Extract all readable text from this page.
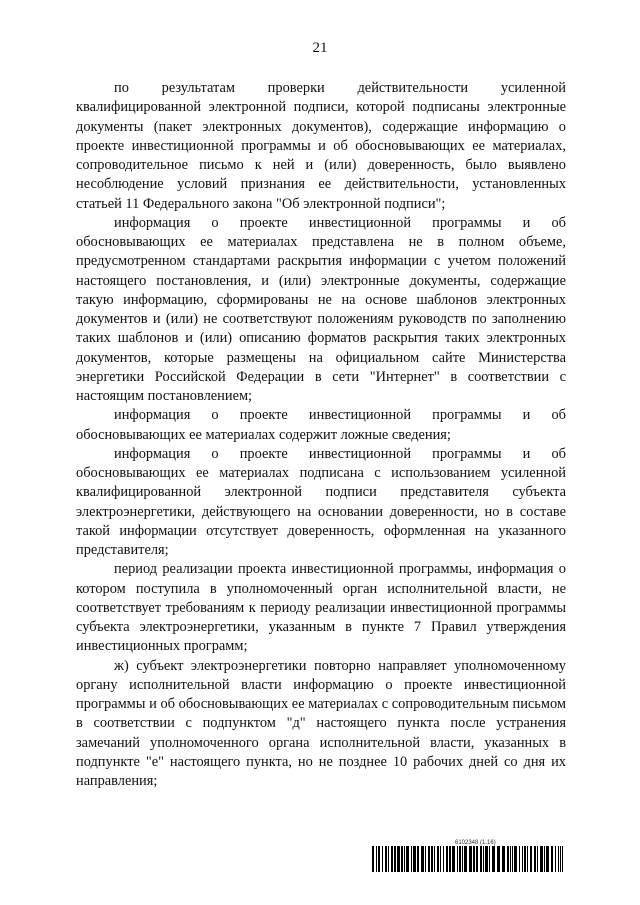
21

по результатам проверки действительности усиленной квалифицированной электронной подписи, которой подписаны электронные документы (пакет электронных документов), содержащие информацию о проекте инвестиционной программы и об обосновывающих ее материалах, сопроводительное письмо к ней и (или) доверенность, было выявлено несоблюдение условий признания ее действительности, установленных статьей 11 Федерального закона "Об электронной подписи";

информация о проекте инвестиционной программы и об обосновывающих ее материалах представлена не в полном объеме, предусмотренном стандартами раскрытия информации с учетом положений настоящего постановления, и (или) электронные документы, содержащие такую информацию, сформированы не на основе шаблонов электронных документов и (или) не соответствуют положениям руководств по заполнению таких шаблонов и (или) описанию форматов раскрытия таких электронных документов, которые размещены на официальном сайте Министерства энергетики Российской Федерации в сети "Интернет" в соответствии с настоящим постановлением;

информация о проекте инвестиционной программы и об обосновывающих ее материалах содержит ложные сведения;

информация о проекте инвестиционной программы и об обосновывающих ее материалах подписана с использованием усиленной квалифицированной электронной подписи представителя субъекта электроэнергетики, действующего на основании доверенности, но в составе такой информации отсутствует доверенность, оформленная на указанного представителя;

период реализации проекта инвестиционной программы, информация о котором поступила в уполномоченный орган исполнительной власти, не соответствует требованиям к периоду реализации инвестиционной программы субъекта электроэнергетики, указанным в пункте 7 Правил утверждения инвестиционных программ;

ж) субъект электроэнергетики повторно направляет уполномоченному органу исполнительной власти информацию о проекте инвестиционной программы и об обосновывающих ее материалах с сопроводительным письмом в соответствии с подпунктом "д" настоящего пункта после устранения замечаний уполномоченного органа исполнительной власти, указанных в подпункте "е" настоящего пункта, но не позднее 10 рабочих дней со дня их направления;

6102348 (1.16)
